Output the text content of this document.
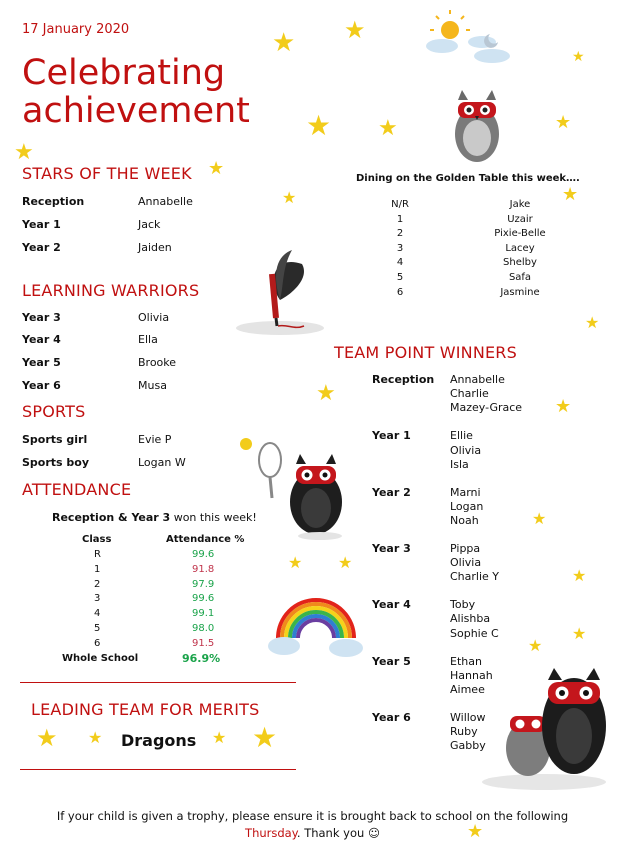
17 January 2020
Celebrating
achievement
STARS OF THE WEEK
Reception	Annabelle
Year 1	Jack
Year 2	Jaiden
LEARNING WARRIORS
Year 3	Olivia
Year 4	Ella
Year 5	Brooke
Year 6	Musa
SPORTS
Sports girl	Evie P
Sports boy	Logan W
ATTENDANCE
Reception & Year 3 won this week!
Class	Attendance %
R	99.6
1	91.8
2	97.9
3	99.6
4	99.1
5	98.0
6	91.5
Whole School	96.9%
LEADING TEAM FOR MERITS
Dragons
Dining on the Golden Table this week….
N/R	Jake
1	Uzair
2	Pixie-Belle
3	Lacey
4	Shelby
5	Safa
6	Jasmine
TEAM POINT WINNERS
Reception Annabelle
Charlie
Mazey-Grace
Year 1	Ellie
Olivia
Isla
Year 2	Marni
Logan
Noah
Year 3	Pippa
Olivia
Charlie Y
Year 4	Toby
Alishba
Sophie C
Year 5	Ethan
Hannah
Aimee
Year 6	Willow
Ruby
Gabby
If your child is given a trophy, please ensure it is brought back to school on the following
Thursday. Thank you ☺
★ ★
★ ★
★
★
★
★
★
★
★
★
★
★
★
★
★
★
★
★ ★	★ ★
★
